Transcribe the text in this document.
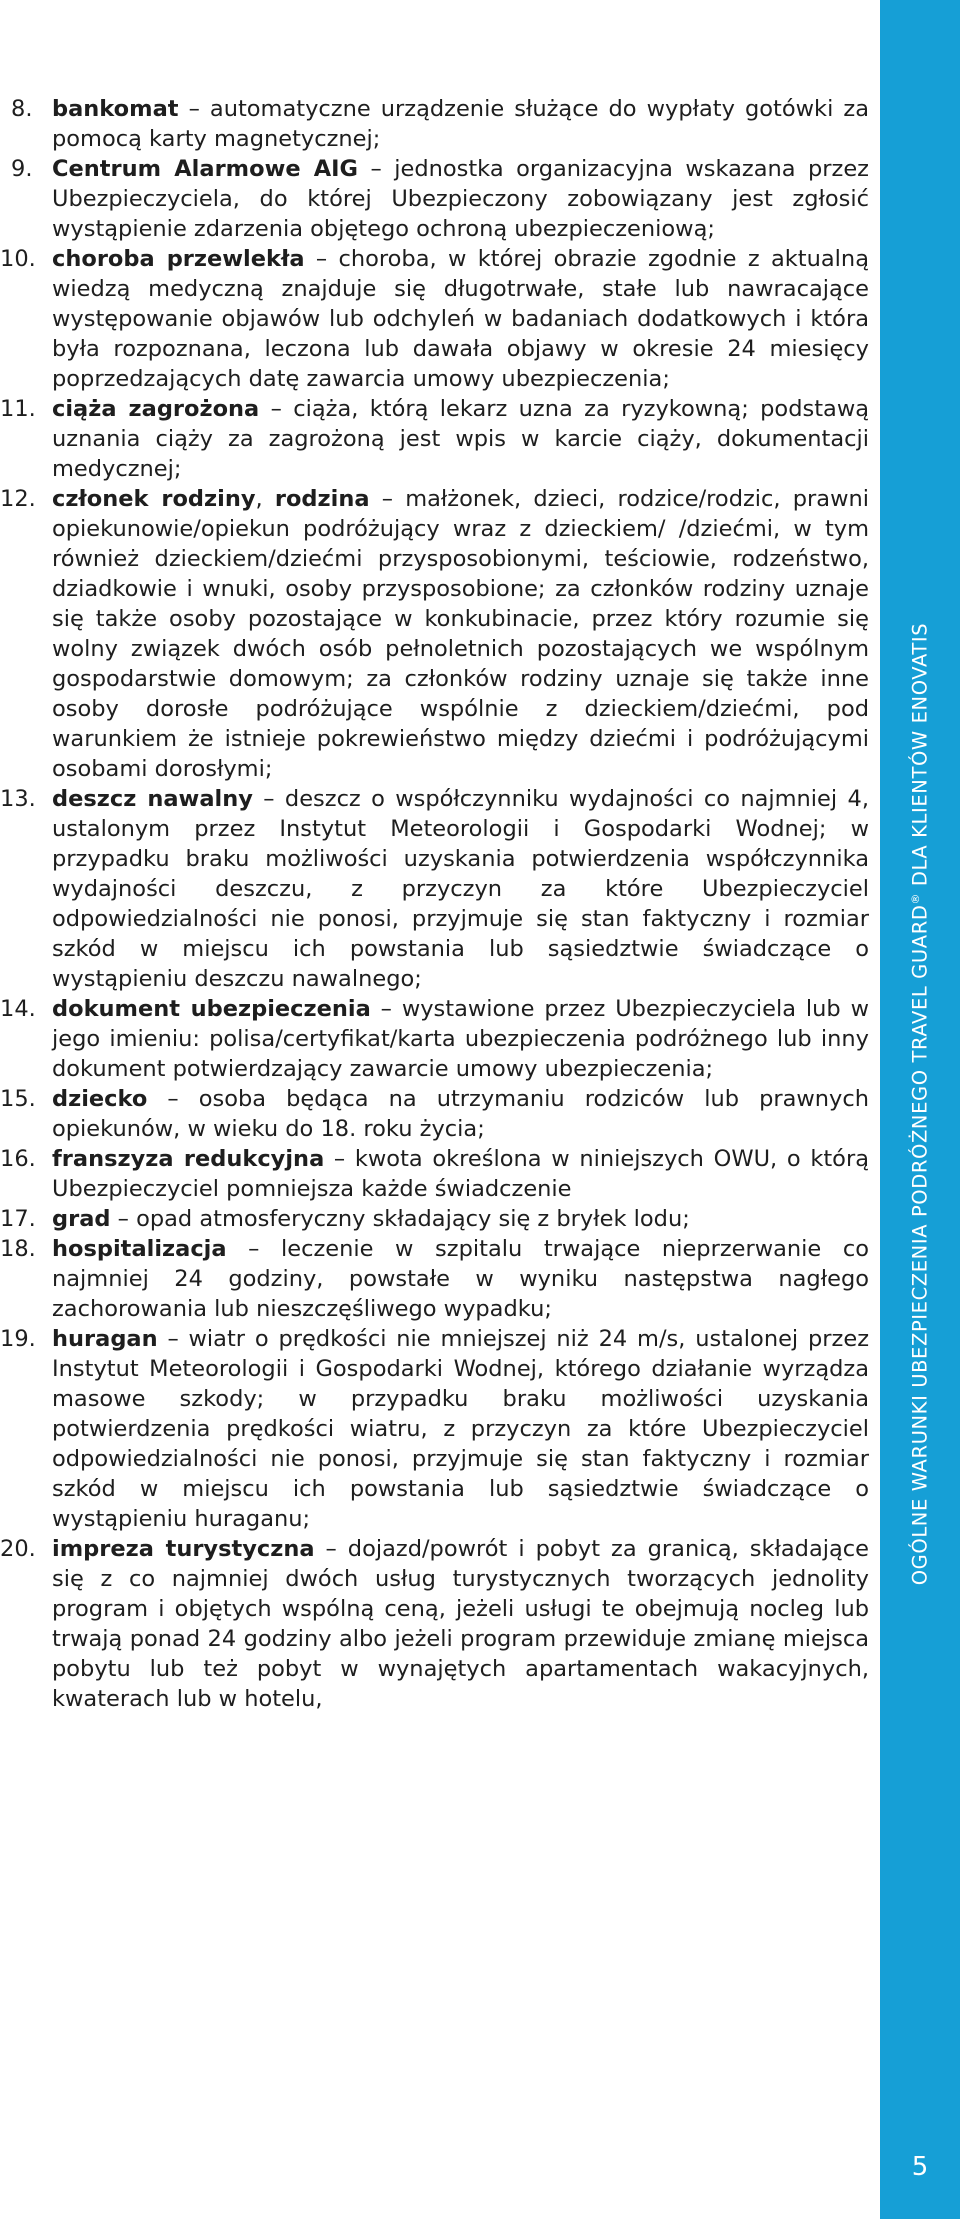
8. bankomat – automatyczne urządzenie służące do wypłaty gotówki za pomocą karty magnetycznej;
9. Centrum Alarmowe AIG – jednostka organizacyjna wskazana przez Ubezpieczyciela, do której Ubezpieczony zobowiązany jest zgłosić wystąpienie zdarzenia objętego ochroną ubezpieczeniową;
10. choroba przewlekła – choroba, w której obrazie zgodnie z aktualną wiedzą medyczną znajduje się długotrwałe, stałe lub nawracające występowanie objawów lub odchyleń w badaniach dodatkowych i która była rozpoznana, leczona lub dawała objawy w okresie 24 miesięcy poprzedzających datę zawarcia umowy ubezpieczenia;
11. ciąża zagrożona – ciąża, którą lekarz uzna za ryzykowną; podstawą uznania ciąży za zagrożoną jest wpis w karcie ciąży, dokumentacji medycznej;
12. członek rodziny, rodzina – małżonek, dzieci, rodzice/rodzic, prawni opiekunowie/opiekun podróżujący wraz z dzieckiem/ /dziećmi, w tym również dzieckiem/dziećmi przysposobionymi, teściowie, rodzeństwo, dziadkowie i wnuki, osoby przysposobione; za członków rodziny uznaje się także osoby pozostające w konkubinacie, przez który rozumie się wolny związek dwóch osób pełnoletnich pozostających we wspólnym gospodarstwie domowym; za członków rodziny uznaje się także inne osoby dorosłe podróżujące wspólnie z dzieckiem/dziećmi, pod warunkiem że istnieje pokrewieństwo między dziećmi i podróżującymi osobami dorosłymi;
13. deszcz nawalny – deszcz o współczynniku wydajności co najmniej 4, ustalonym przez Instytut Meteorologii i Gospodarki Wodnej; w przypadku braku możliwości uzyskania potwierdzenia współczynnika wydajności deszczu, z przyczyn za które Ubezpieczyciel odpowiedzialności nie ponosi, przyjmuje się stan faktyczny i rozmiar szkód w miejscu ich powstania lub sąsiedztwie świadczące o wystąpieniu deszczu nawalnego;
14. dokument ubezpieczenia – wystawione przez Ubezpieczyciela lub w jego imieniu: polisa/certyfikat/karta ubezpieczenia podróżnego lub inny dokument potwierdzający zawarcie umowy ubezpieczenia;
15. dziecko – osoba będąca na utrzymaniu rodziców lub prawnych opiekunów, w wieku do 18. roku życia;
16. franszyza redukcyjna – kwota określona w niniejszych OWU, o którą Ubezpieczyciel pomniejsza każde świadczenie
17. grad – opad atmosferyczny składający się z bryłek lodu;
18. hospitalizacja – leczenie w szpitalu trwające nieprzerwanie co najmniej 24 godziny, powstałe w wyniku następstwa nagłego zachorowania lub nieszczęśliwego wypadku;
19. huragan – wiatr o prędkości nie mniejszej niż 24 m/s, ustalonej przez Instytut Meteorologii i Gospodarki Wodnej, którego działanie wyrządza masowe szkody; w przypadku braku możliwości uzyskania potwierdzenia prędkości wiatru, z przyczyn za które Ubezpieczyciel odpowiedzialności nie ponosi, przyjmuje się stan faktyczny i rozmiar szkód w miejscu ich powstania lub sąsiedztwie świadczące o wystąpieniu huraganu;
20. impreza turystyczna – dojazd/powrót i pobyt za granicą, składające się z co najmniej dwóch usług turystycznych tworzących jednolity program i objętych wspólną ceną, jeżeli usługi te obejmują nocleg lub trwają ponad 24 godziny albo jeżeli program przewiduje zmianę miejsca pobytu lub też pobyt w wynajętych apartamentach wakacyjnych, kwaterach lub w hotelu,
OGÓLNE WARUNKI UBEZPIECZENIA PODRÓŻNEGO TRAVEL GUARD® DLA KLIENTÓW ENOVATIS
5
